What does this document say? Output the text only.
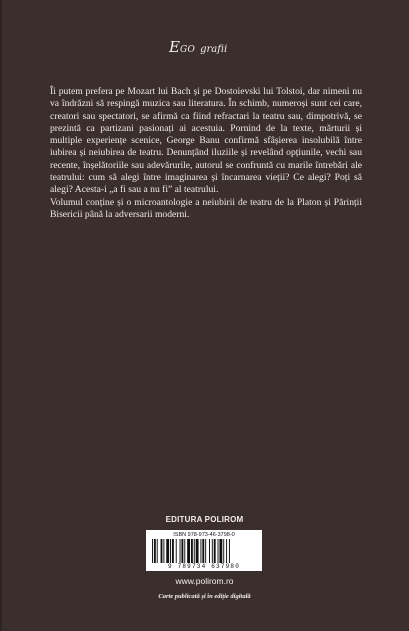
EGO grafii

Îi putem prefera pe Mozart lui Bach și pe Dostoievski lui Tolstoi, dar nimeni nu va îndrăzni să respingă muzica sau literatura. În schimb, numeroși sunt cei care, creatori sau spectatori, se afirmă ca fiind refractari la teatru sau, dimpotrivă, se prezintă ca partizani pasionați ai acestuia. Pornind de la texte, mărturii și multiple experiențe scenice, George Banu confirmă sfâșierea insolubilă între iubirea și neiubirea de teatru. Denunțând iluziile și revelând opțiunile, vechi sau recente, înșelătoriile sau adevărurile, autorul se confruntă cu marile întrebări ale teatrului: cum să alegi între imaginarea și încarnarea vieții? Ce alegi? Poți să alegi? Acesta-i „a fi sau a nu fi” al teatrului.

Volumul conține și o microantologie a neiubirii de teatru de la Platon și Părinții Bisericii până la adversarii moderni.

EDITURA POLIROM
ISBN 978-973-46-3798-0
9 789734 637980
www.polirom.ro
Carte publicată și în ediție digitală
